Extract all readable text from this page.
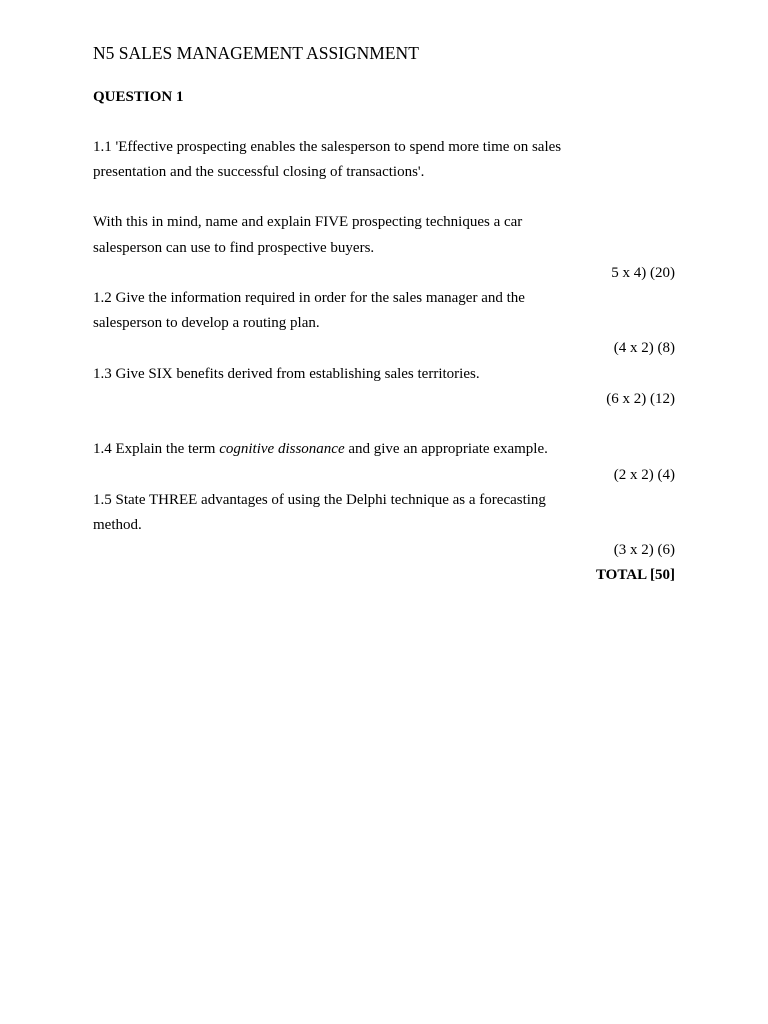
N5 SALES MANAGEMENT ASSIGNMENT
QUESTION 1
1.1 'Effective prospecting enables the salesperson to spend more time on sales
presentation and the successful closing of transactions'.
With this in mind, name and explain FIVE prospecting techniques a car
salesperson can use to find prospective buyers.
5 x 4) (20)
1.2 Give the information required in order for the sales manager and the
salesperson to develop a routing plan.
(4 x 2) (8)
1.3 Give SIX benefits derived from establishing sales territories.
(6 x 2) (12)
1.4 Explain the term cognitive dissonance and give an appropriate example.
(2 x 2) (4)
1.5 State THREE advantages of using the Delphi technique as a forecasting
method.
(3 x 2) (6)
TOTAL [50]
